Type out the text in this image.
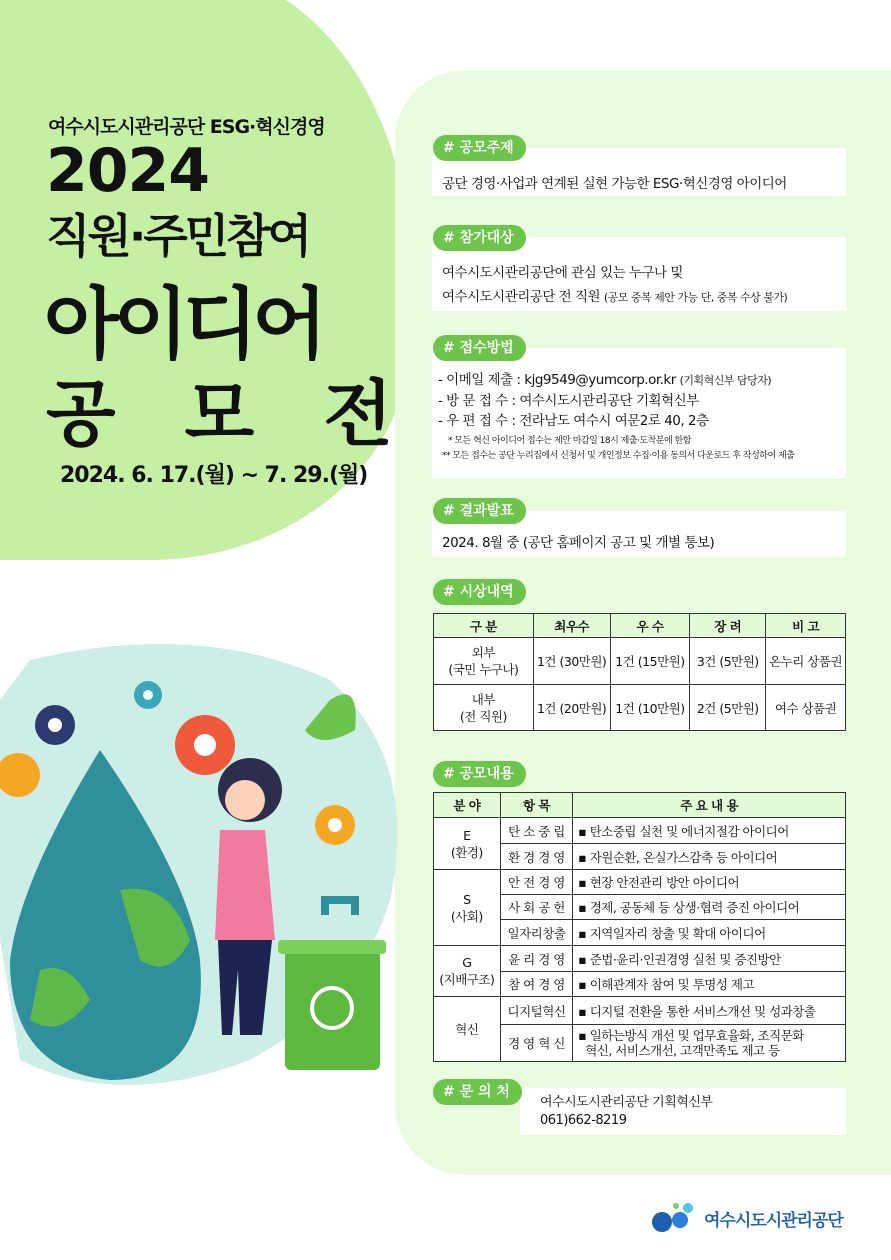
여수시도시관리공단 ESG·혁신경영
2024
직원·주민참여
아이디어
공 모 전
2024. 6. 17.(월) ~ 7. 29.(월)
# 공모주제

공단 경영·사업과 연계된 실현 가능한 ESG·혁신경영 아이디어

# 참가대상

여수시도시관리공단에 관심 있는 누구나 및

여수시도시관리공단 전 직원 (공모 중복 제안 가능 단, 중복 수상 불가)

# 접수방법

- 이메일 제출 : kjg9549@yumcorp.or.kr (기획혁신부 담당자)

- 방 문 접 수 : 여수시도시관리공단 기획혁신부

- 우 편 접 수 : 전라남도 여수시 여문2로 40, 2층

* 모든 혁신 아이디어 접수는 제안 마감일 18시 제출·도착분에 한함

** 모든 접수는 공단 누리집에서 신청서 및 개인정보 수집·이용 동의서 다운로드 후 작성하여 제출

# 결과발표

2024. 8월 중 (공단 홈페이지 공고 및 개별 통보)

# 시상내역
구 분	최우수	우 수	장 려	비 고
외부
(국민 누구나)	1건 (30만원)	1건 (15만원)	3건 (5만원)	온누리 상품권
내부
(전 직원)	1건 (20만원)	1건 (10만원)	2건 (5만원)	여수 상품권
# 공모내용
분 야	항 목	주 요 내 용
E
(환경)	탄 소 중 립	▪ 탄소중립 실천 및 에너지절감 아이디어
	환 경 경 영	▪ 자원순환, 온실가스감축 등 아이디어
S
(사회)	안 전 경 영	▪ 현장 안전관리 방안 아이디어
	사 회 공 헌	▪ 경제, 공동체 등 상생·협력 증진 아이디어
	일자리창출	▪ 지역일자리 창출 및 확대 아이디어
G
(지배구조)	윤 리 경 영	▪ 준법·윤리·인권경영 실천 및 증진방안
	참 여 경 영	▪ 이해관계자 참여 및 투명성 제고
혁신	디지털혁신	▪ 디지털 전환을 통한 서비스개선 및 성과창출
	경 영 혁 신	▪ 일하는방식 개선 및 업무효율화, 조직문화
혁신, 서비스개선, 고객만족도 제고 등
# 문 의 처

여수시도시관리공단 기획혁신부

061)662-8219

여수시도시관리공단
